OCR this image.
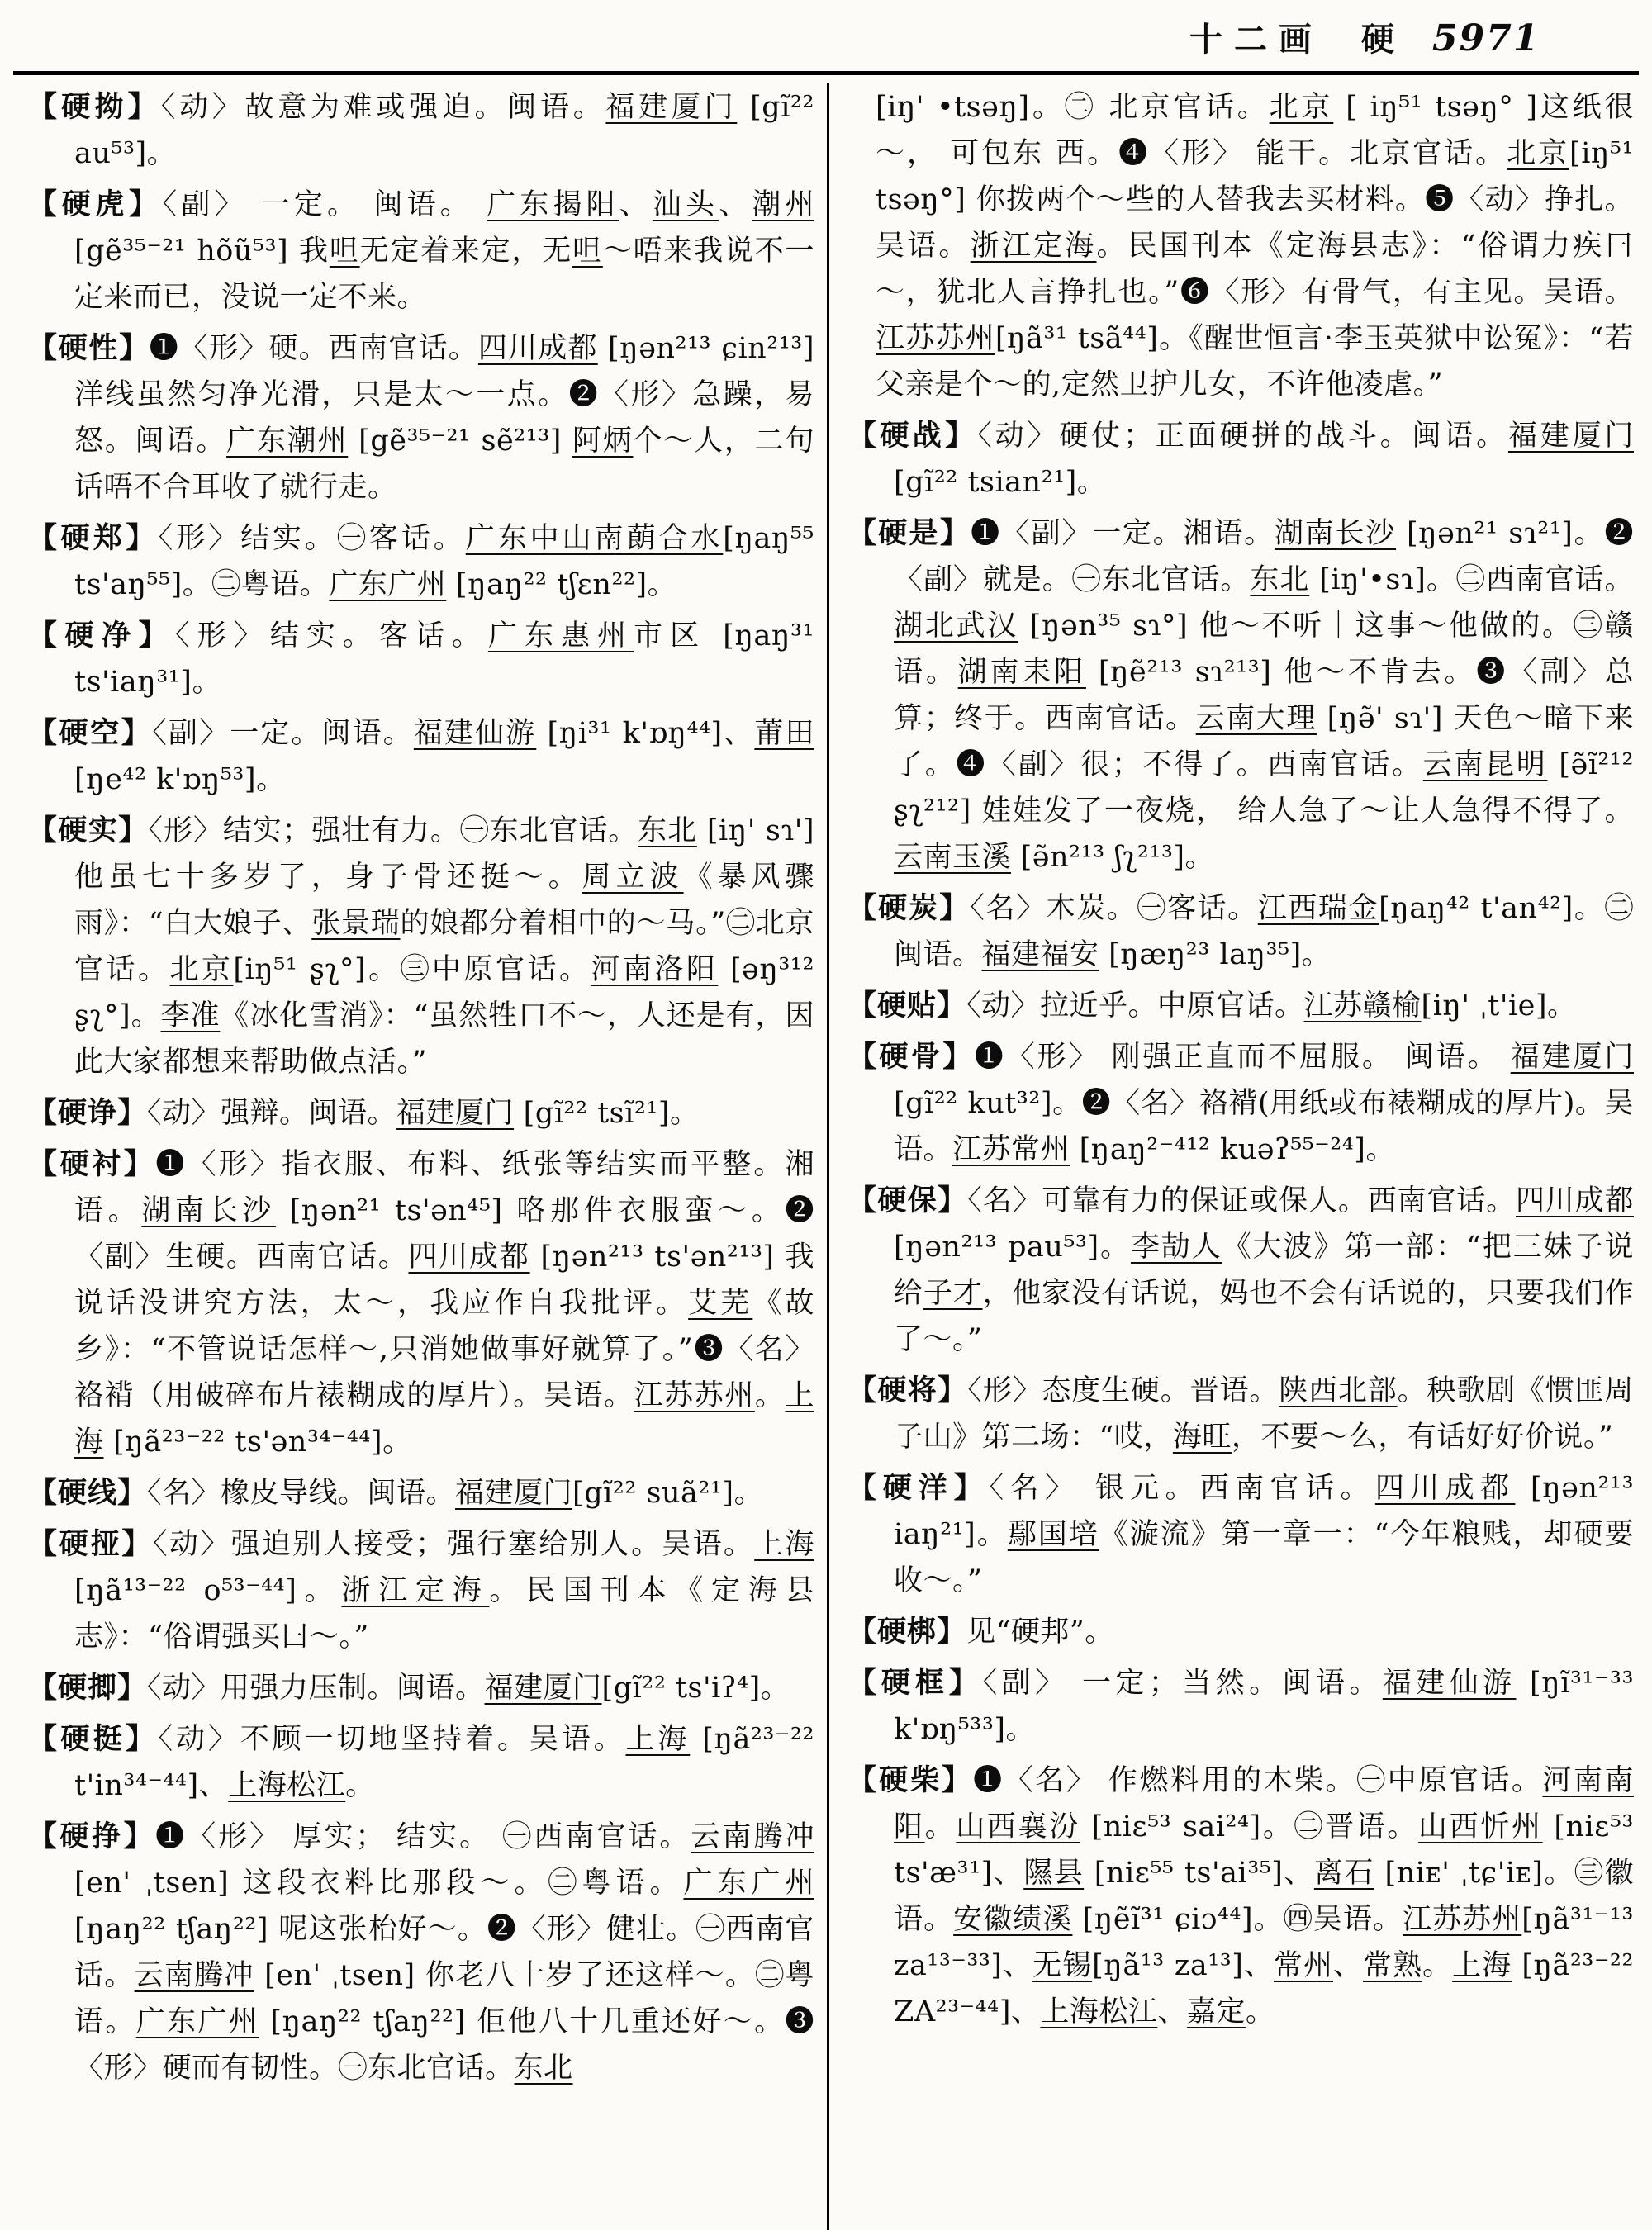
十二画 硬 5971

【硬拗】〈动〉故意为难或强迫。闽语。福建厦门 [gĩ²² au⁵³]。

【硬虎】〈副〉 一定。 闽语。 广东揭阳、汕头、潮州 [gẽ³⁵⁻²¹ hõũ⁵³] 我呾无定着来定，无呾～唔来我说不一定来而已，没说一定不来。

【硬性】❶〈形〉硬。西南官话。四川成都 [ŋən²¹³ ɕin²¹³] 洋线虽然匀净光滑，只是太～一点。❷〈形〉急躁，易怒。闽语。广东潮州 [gẽ³⁵⁻²¹ sẽ²¹³] 阿炳个～人，二句话唔不合耳收了就行走。

【硬郑】〈形〉结实。㊀客话。广东中山南蓢合水[ŋaŋ⁵⁵ ts'aŋ⁵⁵]。㊁粤语。广东广州 [ŋaŋ²² tʃɛn²²]。

【硬净】〈形〉结实。客话。广东惠州市区 [ŋaŋ³¹ ts'iaŋ³¹]。

【硬空】〈副〉一定。闽语。福建仙游 [ŋi³¹ k'ɒŋ⁴⁴]、莆田 [ŋe⁴² k'ɒŋ⁵³]。

【硬实】〈形〉结实；强壮有力。㊀东北官话。东北 [iŋ' sɿ'] 他虽七十多岁了，身子骨还挺～。周立波《暴风骤雨》：“白大娘子、张景瑞的娘都分着相中的～马。”㊁北京官话。北京[iŋ⁵¹ ʂʅ°]。㊂中原官话。河南洛阳 [əŋ³¹² ʂʅ°]。李准《冰化雪消》：“虽然牲口不～，人还是有，因此大家都想来帮助做点活。”

【硬诤】〈动〉强辩。闽语。福建厦门 [gĩ²² tsĩ²¹]。

【硬衬】❶〈形〉指衣服、布料、纸张等结实而平整。湘语。湖南长沙 [ŋən²¹ ts'ən⁴⁵] 咯那件衣服蛮～。❷〈副〉生硬。西南官话。四川成都 [ŋən²¹³ ts'ən²¹³] 我说话没讲究方法，太～，我应作自我批评。艾芜《故乡》：“不管说话怎样～,只消她做事好就算了。”❸〈名〉袼褙（用破碎布片裱糊成的厚片）。吴语。江苏苏州。上海 [ŋã²³⁻²² ts'ən³⁴⁻⁴⁴]。

【硬线】〈名〉橡皮导线。闽语。福建厦门[gĩ²² suã²¹]。

【硬挜】〈动〉强迫别人接受；强行塞给别人。吴语。上海 [ŋã¹³⁻²² o⁵³⁻⁴⁴]。浙江定海。民国刊本《定海县志》：“俗谓强买曰～。”

【硬揤】〈动〉用强力压制。闽语。福建厦门[gĩ²² ts'iʔ⁴]。

【硬挺】〈动〉不顾一切地坚持着。吴语。上海 [ŋã²³⁻²² t'in³⁴⁻⁴⁴]、上海松江。

【硬挣】❶〈形〉 厚实； 结实。 ㊀西南官话。云南腾冲 [en' ˌtsen] 这段衣料比那段～。㊁粤语。广东广州 [ŋaŋ²² tʃaŋ²²] 呢这张枱好～。❷〈形〉健壮。㊀西南官话。云南腾冲 [en' ˌtsen] 你老八十岁了还这样～。㊁粤语。广东广州 [ŋaŋ²² tʃaŋ²²] 佢他八十几重还好～。❸〈形〉硬而有韧性。㊀东北官话。东北

[iŋ' •tsəŋ]。㊁ 北京官话。北京 [ iŋ⁵¹ tsəŋ° ]这纸很～， 可包东 西。❹〈形〉 能干。北京官话。北京[iŋ⁵¹ tsəŋ°] 你拨两个～些的人替我去买材料。❺〈动〉挣扎。吴语。浙江定海。民国刊本《定海县志》：“俗谓力疾曰～，犹北人言挣扎也。”❻〈形〉有骨气，有主见。吴语。江苏苏州[ŋã³¹ tsã⁴⁴]。《醒世恒言·李玉英狱中讼冤》：“若父亲是个～的,定然卫护儿女，不许他凌虐。”

【硬战】〈动〉硬仗；正面硬拼的战斗。闽语。福建厦门 [gĩ²² tsian²¹]。

【硬是】❶〈副〉一定。湘语。湖南长沙 [ŋən²¹ sɿ²¹]。❷〈副〉就是。㊀东北官话。东北 [iŋ'•sɿ]。㊁西南官话。湖北武汉 [ŋən³⁵ sɿ°] 他～不听｜这事～他做的。㊂赣语。湖南耒阳 [ŋẽ²¹³ sɿ²¹³] 他～不肯去。❸〈副〉总算；终于。西南官话。云南大理 [ŋə̃' sɿ'] 天色～暗下来了。❹〈副〉很；不得了。西南官话。云南昆明 [ə̃ĩ²¹² ʂʅ²¹²] 娃娃发了一夜烧， 给人急了～让人急得不得了。云南玉溪 [ə̃n²¹³ ʃʅ²¹³]。

【硬炭】〈名〉木炭。㊀客话。江西瑞金[ŋaŋ⁴² t'an⁴²]。㊁闽语。福建福安 [ŋæŋ²³ laŋ³⁵]。

【硬贴】〈动〉拉近乎。中原官话。江苏赣榆[iŋ' ˌt'ie]。

【硬骨】❶〈形〉 刚强正直而不屈服。 闽语。 福建厦门[gĩ²² kut³²]。❷〈名〉袼褙(用纸或布裱糊成的厚片)。吴语。江苏常州 [ŋaŋ²⁻⁴¹² kuəʔ⁵⁵⁻²⁴]。

【硬保】〈名〉可靠有力的保证或保人。西南官话。四川成都 [ŋən²¹³ pau⁵³]。李劼人《大波》第一部：“把三妹子说给子才，他家没有话说，妈也不会有话说的，只要我们作了～。”

【硬将】〈形〉态度生硬。晋语。陕西北部。秧歌剧《惯匪周子山》第二场：“哎，海旺，不要～么，有话好好价说。”

【硬洋】〈名〉 银元。西南官话。四川成都 [ŋən²¹³ iaŋ²¹]。鄢国培《漩流》第一章一：“今年粮贱，却硬要收～。”

【硬梆】见“硬邦”。

【硬框】〈副〉 一定；当然。闽语。福建仙游 [ŋĩ³¹⁻³³ k'ɒŋ⁵³³]。

【硬柴】❶〈名〉 作燃料用的木柴。㊀中原官话。河南南阳。山西襄汾 [niɛ⁵³ sai²⁴]。㊁晋语。山西忻州 [niɛ⁵³ ts'æ³¹]、隰县 [niɛ⁵⁵ ts'ai³⁵]、离石 [niᴇ' ˌtɕ'iᴇ]。㊂徽语。安徽绩溪 [ŋẽĩ³¹ ɕiɔ⁴⁴]。㊃吴语。江苏苏州[ŋã³¹⁻¹³ za¹³⁻³³]、无锡[ŋã¹³ za¹³]、常州、常熟。上海 [ŋã²³⁻²² ZA²³⁻⁴⁴]、上海松江、嘉定。
